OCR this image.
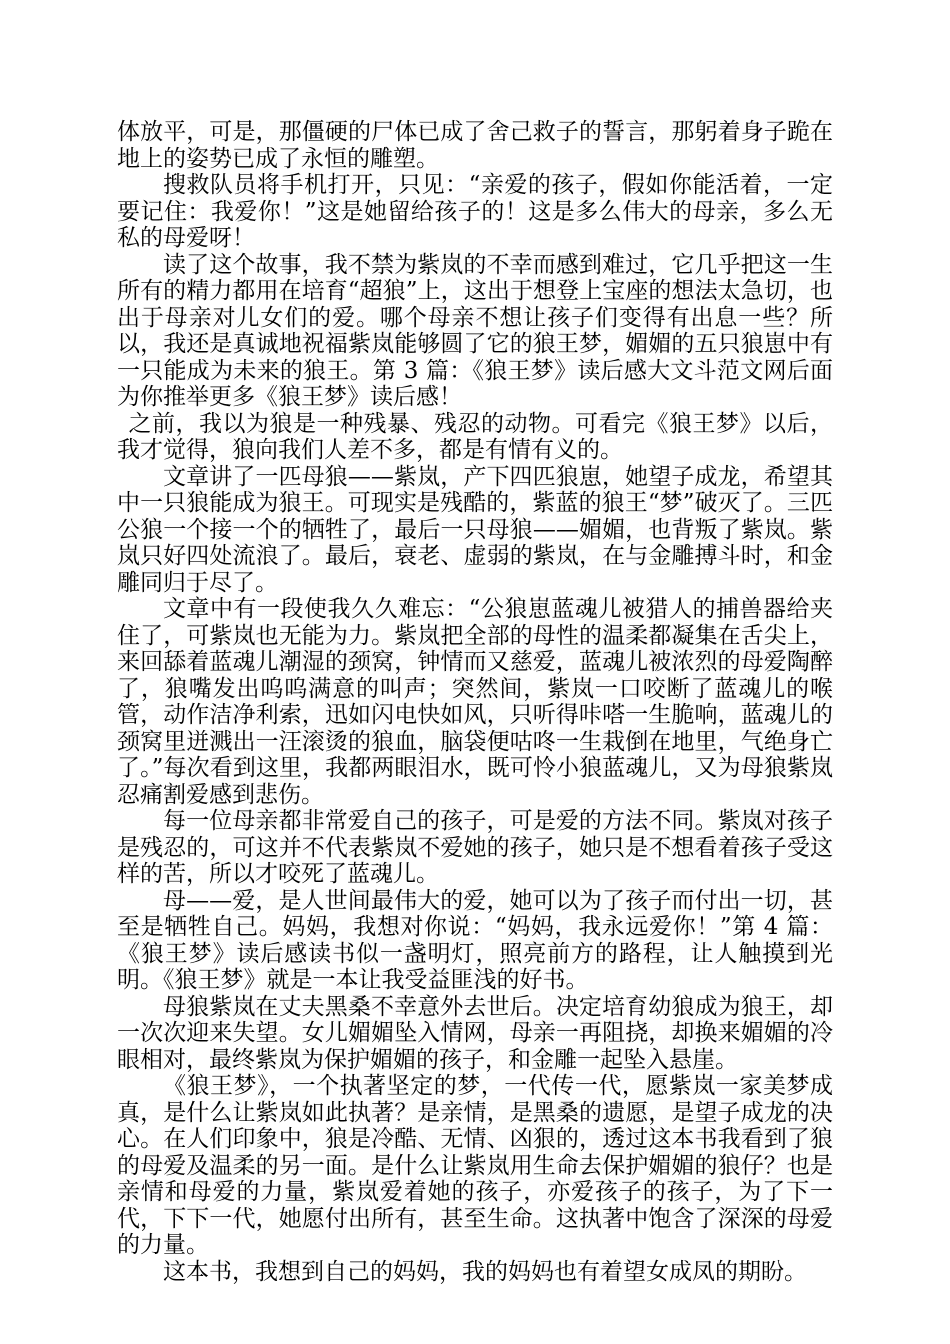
体放平，可是，那僵硬的尸体已成了舍己救子的誓言，那躬着身子跪在地上的姿势已成了永恒的雕塑。

搜救队员将手机打开，只见：“亲爱的孩子，假如你能活着，一定要记住：我爱你！”这是她留给孩子的！这是多么伟大的母亲，多么无私的母爱呀！

读了这个故事，我不禁为紫岚的不幸而感到难过，它几乎把这一生所有的精力都用在培育“超狼”上，这出于想登上宝座的想法太急切，也出于母亲对儿女们的爱。哪个母亲不想让孩子们变得有出息一些？所以，我还是真诚地祝福紫岚能够圆了它的狼王梦，媚媚的五只狼崽中有一只能成为未来的狼王。第 3 篇：《狼王梦》读后感大文斗范文网后面为你推举更多《狼王梦》读后感！

之前，我以为狼是一种残暴、残忍的动物。可看完《狼王梦》以后，我才觉得，狼向我们人差不多，都是有情有义的。

文章讲了一匹母狼——紫岚，产下四匹狼崽，她望子成龙，希望其中一只狼能成为狼王。可现实是残酷的，紫蓝的狼王“梦”破灭了。三匹公狼一个接一个的牺牲了，最后一只母狼——媚媚，也背叛了紫岚。紫岚只好四处流浪了。最后，衰老、虚弱的紫岚，在与金雕搏斗时，和金雕同归于尽了。

文章中有一段使我久久难忘：“公狼崽蓝魂儿被猎人的捕兽器给夹住了，可紫岚也无能为力。紫岚把全部的母性的温柔都凝集在舌尖上，来回舔着蓝魂儿潮湿的颈窝，钟情而又慈爱，蓝魂儿被浓烈的母爱陶醉了，狼嘴发出呜呜满意的叫声；突然间，紫岚一口咬断了蓝魂儿的喉管，动作洁净利索，迅如闪电快如风，只听得咔嗒一生脆响，蓝魂儿的颈窝里迸溅出一汪滚烫的狼血，脑袋便咕咚一生栽倒在地里，气绝身亡了。”每次看到这里，我都两眼泪水，既可怜小狼蓝魂儿，又为母狼紫岚忍痛割爱感到悲伤。

每一位母亲都非常爱自己的孩子，可是爱的方法不同。紫岚对孩子是残忍的，可这并不代表紫岚不爱她的孩子，她只是不想看着孩子受这样的苦，所以才咬死了蓝魂儿。

母——爱，是人世间最伟大的爱，她可以为了孩子而付出一切，甚至是牺牲自己。妈妈，我想对你说：“妈妈，我永远爱你！”第 4 篇：《狼王梦》读后感读书似一盏明灯，照亮前方的路程，让人触摸到光明。《狼王梦》就是一本让我受益匪浅的好书。

母狼紫岚在丈夫黑桑不幸意外去世后。决定培育幼狼成为狼王，却一次次迎来失望。女儿媚媚坠入情网，母亲一再阻挠，却换来媚媚的冷眼相对，最终紫岚为保护媚媚的孩子，和金雕一起坠入悬崖。

《狼王梦》，一个执著坚定的梦，一代传一代，愿紫岚一家美梦成真，是什么让紫岚如此执著？是亲情，是黑桑的遗愿，是望子成龙的决心。在人们印象中，狼是冷酷、无情、凶狠的，透过这本书我看到了狼的母爱及温柔的另一面。是什么让紫岚用生命去保护媚媚的狼仔？也是亲情和母爱的力量，紫岚爱着她的孩子，亦爱孩子的孩子，为了下一代，下下一代，她愿付出所有，甚至生命。这执著中饱含了深深的母爱的力量。

这本书，我想到自己的妈妈，我的妈妈也有着望女成凤的期盼。
